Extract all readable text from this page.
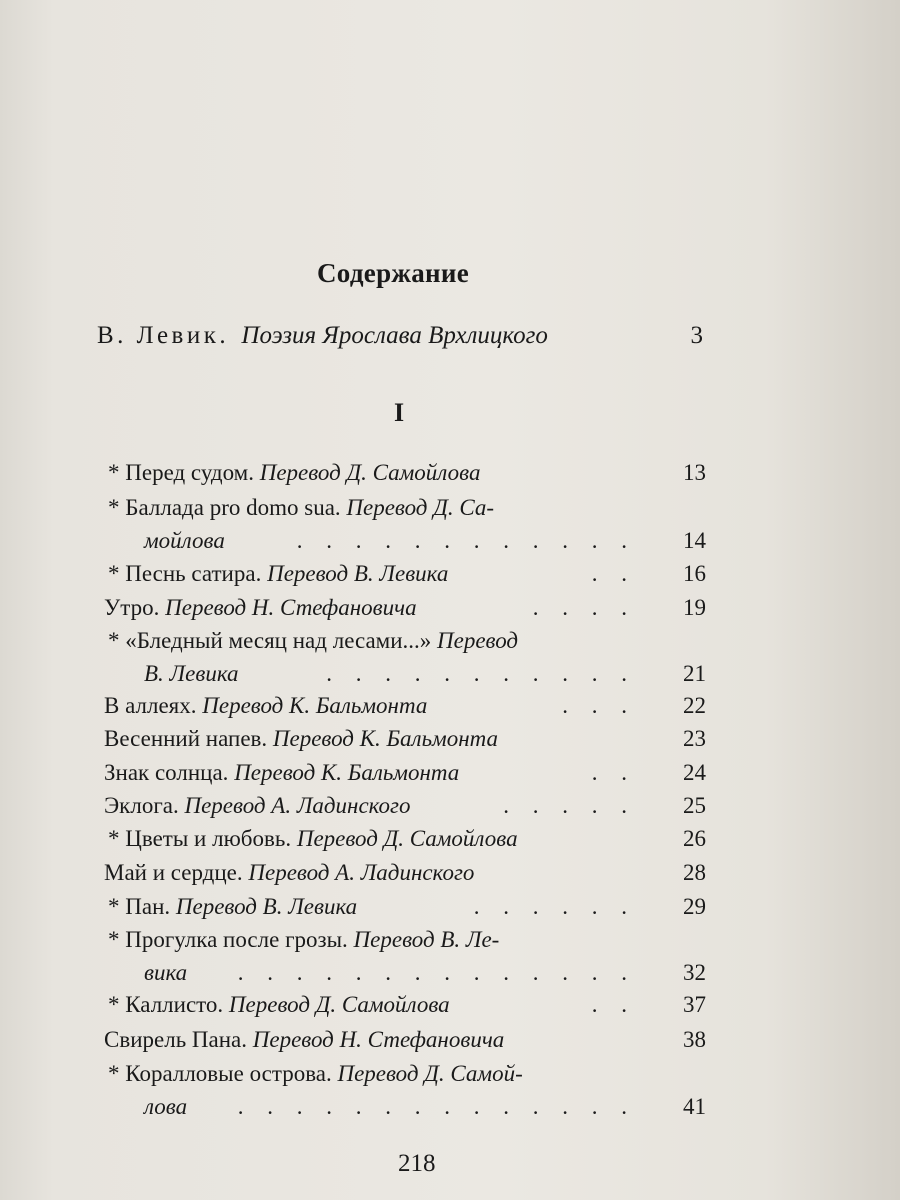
Содержание
В. Левик. Поэзия Ярослава Врхлицкого	3
I
* Перед судом. Перевод Д. Самойлова	13
* Баллада pro domo sua. Перевод Д. Са-
мойлова	. . . . . . . . . . . . 14
* Песнь сатира. Перевод В. Левика	. . 16
Утро. Перевод Н. Стефановича	. . . . 19
* «Бледный месяц над лесами...» Перевод
В. Левика	. . . . . . . . . . . 21
В аллеях. Перевод К. Бальмонта	. . . 22
Весенний напев. Перевод К. Бальмонта	23
Знак солнца. Перевод К. Бальмонта	. . 24
Эклога. Перевод А. Ладинского	. . . . . 25
* Цветы и любовь. Перевод Д. Самойлова	26
Май и сердце. Перевод А. Ладинского	28
* Пан. Перевод В. Левика	. . . . . . 29
* Прогулка после грозы. Перевод В. Ле-
вика . . . . . . . . . . . . . . 32
* Каллисто. Перевод Д. Самойлова	. . 37
Свирель Пана. Перевод Н. Стефановича	38
* Коралловые острова. Перевод Д. Самой-
лова . . . . . . . . . . . . . . 41
218
